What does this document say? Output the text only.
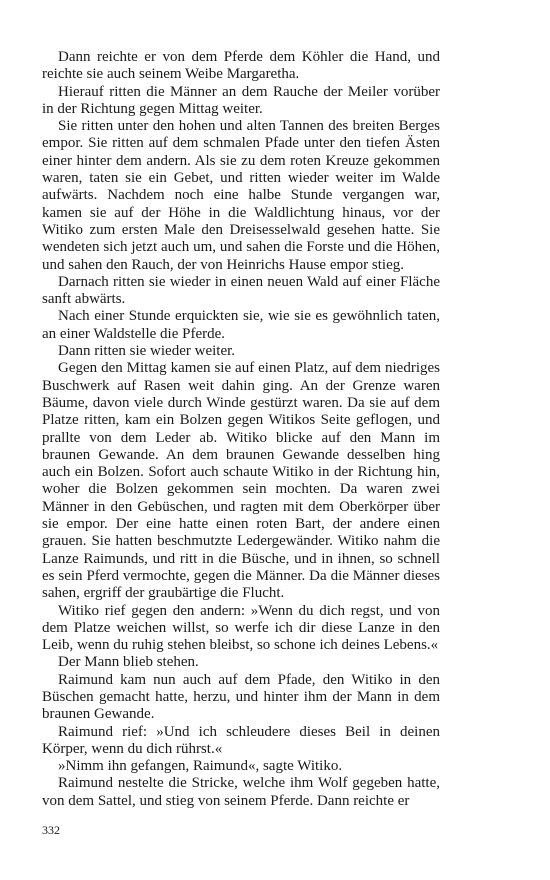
Dann reichte er von dem Pferde dem Köhler die Hand, und reichte sie auch seinem Weibe Margaretha.

Hierauf ritten die Männer an dem Rauche der Meiler vorüber in der Richtung gegen Mittag weiter.

Sie ritten unter den hohen und alten Tannen des breiten Berges empor. Sie ritten auf dem schmalen Pfade unter den tiefen Ästen einer hinter dem andern. Als sie zu dem roten Kreuze gekommen waren, taten sie ein Gebet, und ritten wieder weiter im Walde aufwärts. Nachdem noch eine halbe Stunde vergangen war, kamen sie auf der Höhe in die Waldlichtung hinaus, vor der Witiko zum ersten Male den Dreisesselwald gesehen hatte. Sie wendeten sich jetzt auch um, und sahen die Forste und die Höhen, und sahen den Rauch, der von Heinrichs Hause empor stieg.

Darnach ritten sie wieder in einen neuen Wald auf einer Fläche sanft abwärts.

Nach einer Stunde erquickten sie, wie sie es gewöhnlich taten, an einer Waldstelle die Pferde.

Dann ritten sie wieder weiter.

Gegen den Mittag kamen sie auf einen Platz, auf dem niedriges Buschwerk auf Rasen weit dahin ging. An der Grenze waren Bäume, davon viele durch Winde gestürzt waren. Da sie auf dem Platze ritten, kam ein Bolzen gegen Witikos Seite geflogen, und prallte von dem Leder ab. Witiko blicke auf den Mann im braunen Gewande. An dem braunen Gewande desselben hing auch ein Bolzen. Sofort auch schaute Witiko in der Richtung hin, woher die Bolzen gekommen sein mochten. Da waren zwei Männer in den Gebüschen, und ragten mit dem Oberkörper über sie empor. Der eine hatte einen roten Bart, der andere einen grauen. Sie hatten beschmutzte Ledergewänder. Witiko nahm die Lanze Raimunds, und ritt in die Büsche, und in ihnen, so schnell es sein Pferd vermochte, gegen die Männer. Da die Männer dieses sahen, ergriff der graubärtige die Flucht.

Witiko rief gegen den andern: »Wenn du dich regst, und von dem Platze weichen willst, so werfe ich dir diese Lanze in den Leib, wenn du ruhig stehen bleibst, so schone ich deines Lebens.«

Der Mann blieb stehen.

Raimund kam nun auch auf dem Pfade, den Witiko in den Büschen gemacht hatte, herzu, und hinter ihm der Mann in dem braunen Gewande.

Raimund rief: »Und ich schleudere dieses Beil in deinen Körper, wenn du dich rührst.«

»Nimm ihn gefangen, Raimund«, sagte Witiko.

Raimund nestelte die Stricke, welche ihm Wolf gegeben hatte, von dem Sattel, und stieg von seinem Pferde. Dann reichte er

332
